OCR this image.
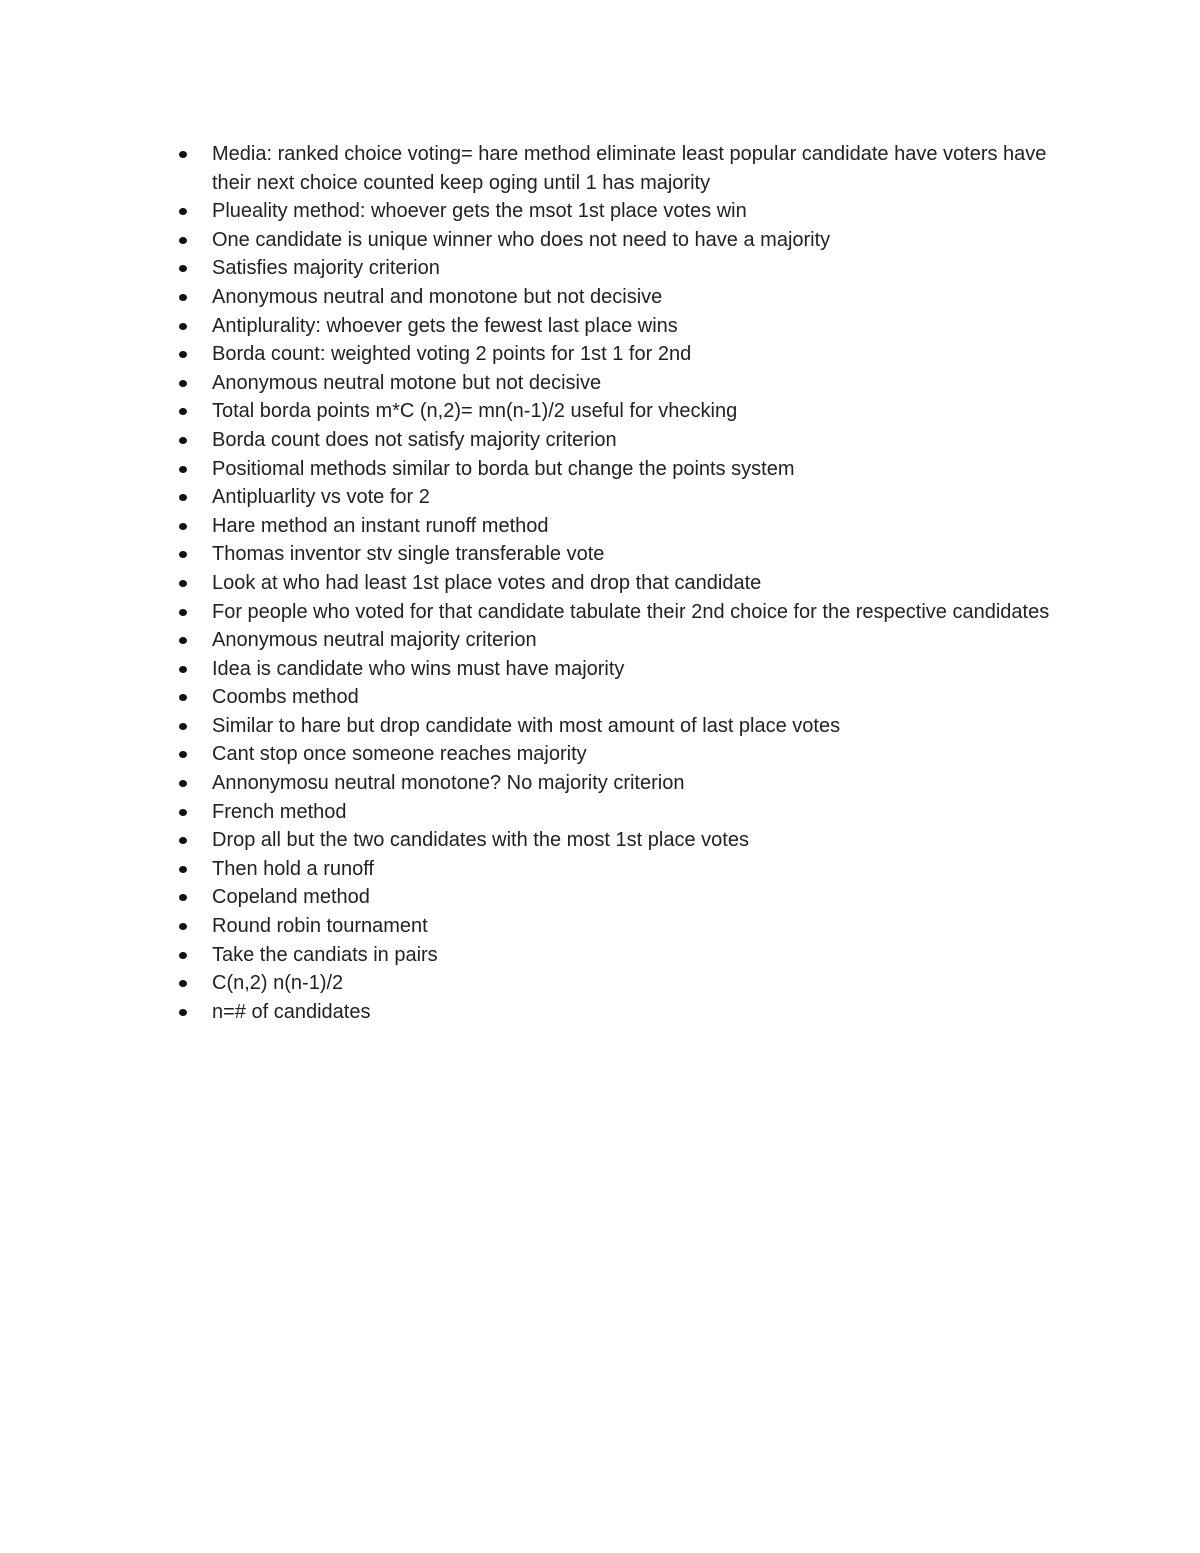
Media: ranked choice voting= hare method eliminate least popular candidate have voters have their next choice counted keep oging until 1 has majority
Plueality method: whoever gets the msot 1st place votes win
One candidate is unique winner who does not need to have a majority
Satisfies majority criterion
Anonymous neutral and monotone but not decisive
Antiplurality: whoever gets the fewest last place wins
Borda count: weighted voting 2 points for 1st 1 for 2nd
Anonymous neutral motone but not decisive
Total borda points m*C (n,2)= mn(n-1)/2 useful for vhecking
Borda count does not satisfy majority criterion
Positiomal methods similar to borda but change the points system
Antipluarlity vs vote for 2
Hare method an instant runoff method
Thomas inventor stv single transferable vote
Look at who had least 1st place votes and drop that candidate
For people who voted for that candidate tabulate their 2nd choice for the respective candidates
Anonymous neutral majority criterion
Idea is candidate who wins must have majority
Coombs method
Similar to hare but drop candidate with most amount of last place votes
Cant stop once someone reaches majority
Annonymosu neutral monotone? No majority criterion
French method
Drop all but the two candidates with the most 1st place votes
Then hold a runoff
Copeland method
Round robin tournament
Take the candiats in pairs
C(n,2) n(n-1)/2
n=# of candidates
